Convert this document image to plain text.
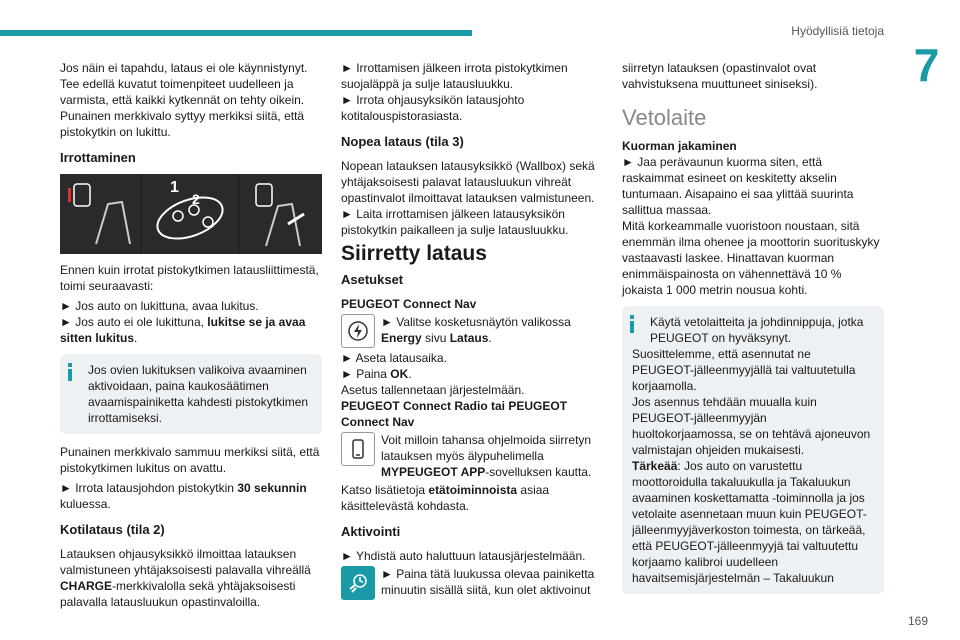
Hyödyllisiä tietoja
7
169

Jos näin ei tapahdu, lataus ei ole käynnistynyt. Tee edellä kuvatut toimenpiteet uudelleen ja varmista, että kaikki kytkennät on tehty oikein. Punainen merkkivalo syttyy merkiksi siitä, että pistokytkin on lukittu.

Irrottaminen
1
2

Ennen kuin irrotat pistokytkimen latausliittimestä, toimi seuraavasti:

► Jos auto on lukittuna, avaa lukitus.

► Jos auto ei ole lukittuna, lukitse se ja avaa sitten lukitus.

Jos ovien lukituksen valikoiva avaaminen aktivoidaan, paina kaukosäätimen avaamispainiketta kahdesti pistokytkimen irrottamiseksi.

Punainen merkkivalo sammuu merkiksi siitä, että pistokytkimen lukitus on avattu.

► Irrota latausjohdon pistokytkin 30 sekunnin kuluessa.

Kotilataus (tila 2)

Latauksen ohjausyksikkö ilmoittaa latauksen valmistuneen yhtäjaksoisesti palavalla vihreällä CHARGE-merkkivalolla sekä yhtäjaksoisesti palavalla latausluukun opastinvaloilla.

► Irrottamisen jälkeen irrota pistokytkimen suojaläppä ja sulje latausluukku.

► Irrota ohjausyksikön latausjohto kotitalouspistorasiasta.

Nopea lataus (tila 3)

Nopean latauksen latausyksikkö (Wallbox) sekä yhtäjaksoisesti palavat latausluukun vihreät opastinvalot ilmoittavat latauksen valmistuneen.

► Laita irrottamisen jälkeen latausyksikön pistokytkin paikalleen ja sulje latausluukku.

Siirretty lataus
Asetukset
PEUGEOT Connect Nav
► Valitse kosketusnäytön valikossa Energy sivu Lataus.

► Aseta latausaika.

► Paina OK.

Asetus tallennetaan järjestelmään.

PEUGEOT Connect Radio tai PEUGEOT Connect Nav
Voit milloin tahansa ohjelmoida siirretyn latauksen myös älypuhelimella MYPEUGEOT APP-sovelluksen kautta.

Katso lisätietoja etätoiminnoista asiaa käsittelevästä kohdasta.

Aktivointi

► Yhdistä auto haluttuun latausjärjestelmään.

► Paina tätä luukussa olevaa painiketta minuutin sisällä siitä, kun olet aktivoinut

siirretyn latauksen (opastinvalot ovat vahvistuksena muuttuneet siniseksi).

Vetolaite
Kuorman jakaminen

► Jaa perävaunun kuorma siten, että raskaimmat esineet on keskitetty akselin tuntumaan. Aisapaino ei saa ylittää suurinta sallittua massaa.

Mitä korkeammalle vuoristoon noustaan, sitä enemmän ilma ohenee ja moottorin suorituskyky vastaavasti laskee. Hinattavan kuorman enimmäispainosta on vähennettävä 10 % jokaista 1 000 metrin nousua kohti.

Käytä vetolaitteita ja johdinnippuja, jotka PEUGEOT on hyväksynyt.
Suosittelemme, että asennutat ne PEUGEOT-jälleenmyyjällä tai valtuutetulla korjaamolla.
Jos asennus tehdään muualla kuin PEUGEOT-jälleenmyyjän huoltokorjaamossa, se on tehtävä ajoneuvon valmistajan ohjeiden mukaisesti.
Tärkeää: Jos auto on varustettu moottoroidulla takaluukulla ja Takaluukun avaaminen koskettamatta -toiminnolla ja jos vetolaite asennetaan muun kuin PEUGEOT-jälleenmyyjäverkoston toimesta, on tärkeää, että PEUGEOT-jälleenmyyjä tai valtuutettu korjaamo kalibroi uudelleen havaitsemisjärjestelmän – Takaluukun
